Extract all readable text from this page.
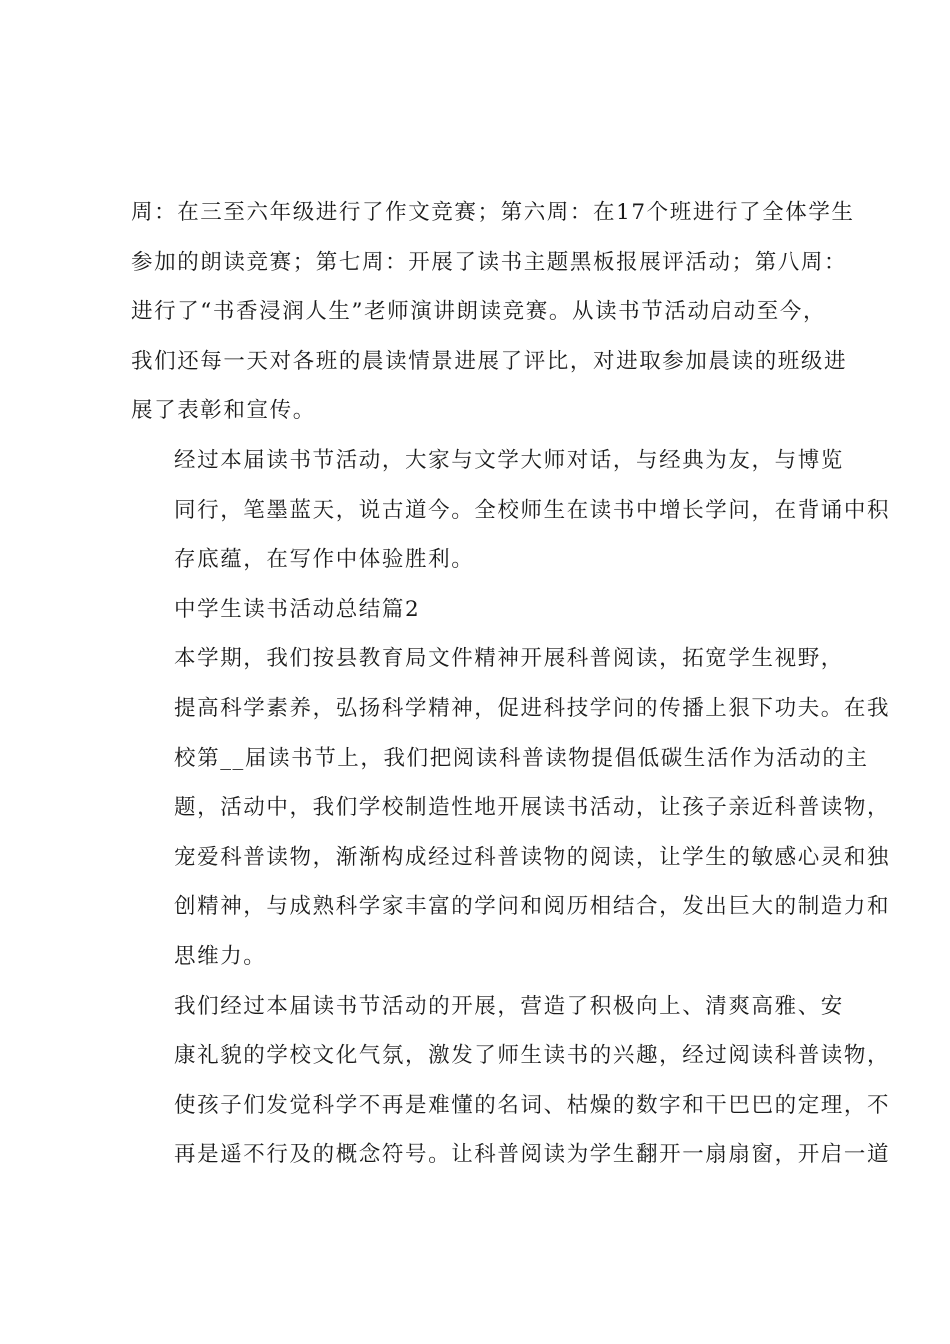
周：在三至六年级进行了作文竞赛；第六周：在17个班进行了全体学生
参加的朗读竞赛；第七周：开展了读书主题黑板报展评活动；第八周：
进行了“书香浸润人生”老师演讲朗读竞赛。从读书节活动启动至今，
我们还每一天对各班的晨读情景进展了评比，对进取参加晨读的班级进
展了表彰和宣传。

经过本届读书节活动，大家与文学大师对话，与经典为友，与博览
同行，笔墨蓝天，说古道今。全校师生在读书中增长学问，在背诵中积
存底蕴，在写作中体验胜利。

中学生读书活动总结篇2

本学期，我们按县教育局文件精神开展科普阅读，拓宽学生视野，
提高科学素养，弘扬科学精神，促进科技学问的传播上狠下功夫。在我
校第__届读书节上，我们把阅读科普读物提倡低碳生活作为活动的主
题，活动中，我们学校制造性地开展读书活动，让孩子亲近科普读物，
宠爱科普读物，渐渐构成经过科普读物的阅读，让学生的敏感心灵和独
创精神，与成熟科学家丰富的学问和阅历相结合，发出巨大的制造力和
思维力。

我们经过本届读书节活动的开展，营造了积极向上、清爽高雅、安
康礼貌的学校文化气氛，激发了师生读书的兴趣，经过阅读科普读物，
使孩子们发觉科学不再是难懂的名词、枯燥的数字和干巴巴的定理，不
再是遥不行及的概念符号。让科普阅读为学生翻开一扇扇窗，开启一道
